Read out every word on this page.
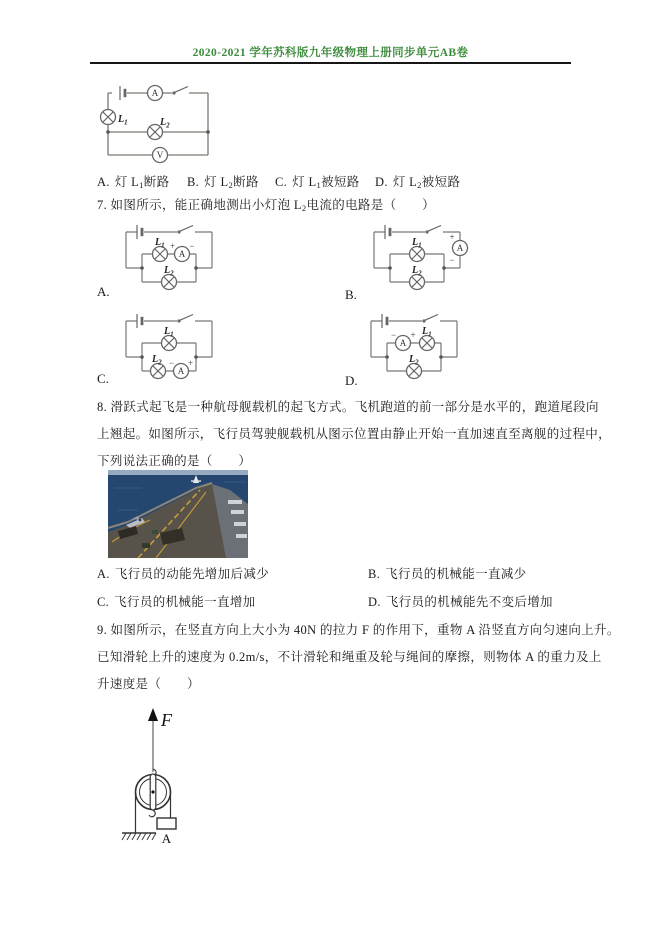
2020-2021 学年苏科版九年级物理上册同步单元AB卷
A
V
$L_1$	$L_2$
A. 灯 $L_1$断路 B. 灯 $L_2$断路 C. 灯 $L_1$被短路 D. 灯 $L_2$被短路
7. 如图所示，能正确地测出小灯泡 $L_2$电流的电路是（　　）
A
+ −
$L_1$
$L_2$
A.
A
+
−
$L_1$
$L_2$
B.
A
− +
$L_1$
$L_2$
C.
A
− + $L_1$
$L_2$
D.
8. 滑跃式起飞是一种航母舰载机的起飞方式。飞机跑道的前一部分是水平的，跑道尾段向
上翘起。如图所示，飞行员驾驶舰载机从图示位置由静止开始一直加速直至离舰的过程中，
下列说法正确的是（　　）
A. 飞行员的动能先增加后减少	B. 飞行员的机械能一直减少
C. 飞行员的机械能一直增加	D. 飞行员的机械能先不变后增加
9. 如图所示，在竖直方向上大小为 40N 的拉力 F 的作用下，重物 A 沿竖直方向匀速向上升。
已知滑轮上升的速度为 0.2m/s，不计滑轮和绳重及轮与绳间的摩擦，则物体 A 的重力及上
升速度是（　　）
F
A
